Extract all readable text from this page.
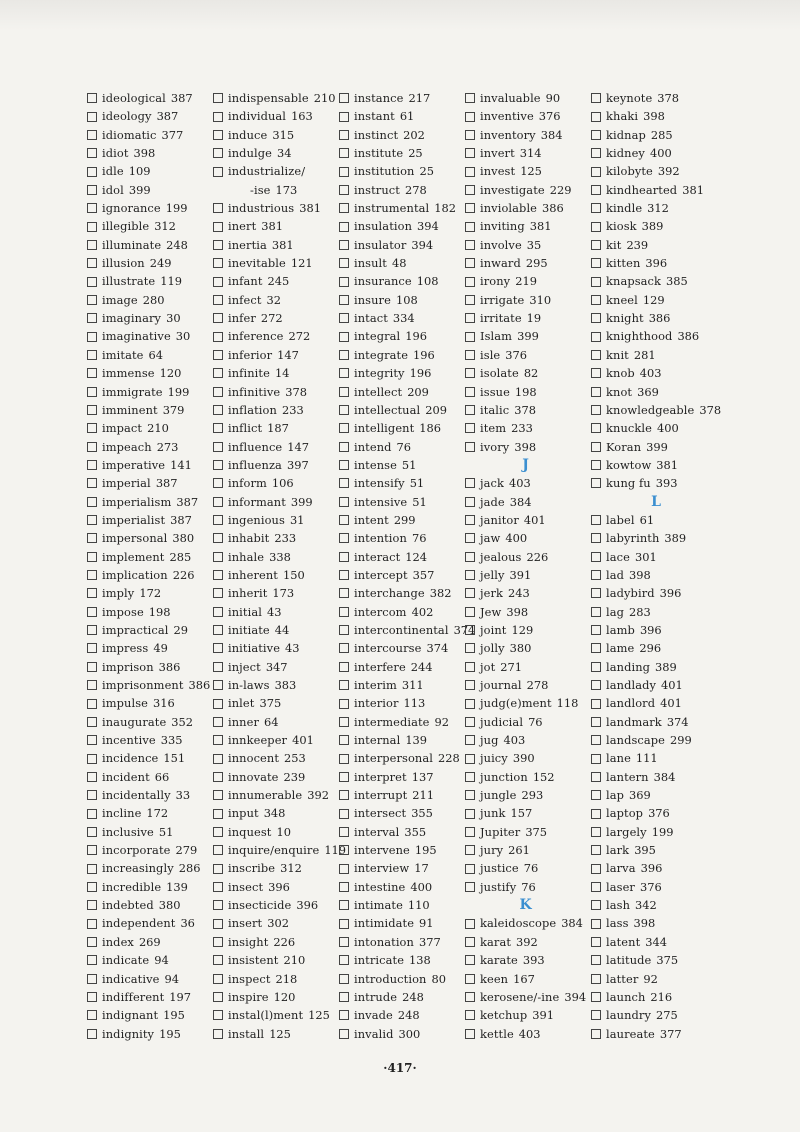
ideological 387
ideology 387
idiomatic 377
idiot 398
idle 109
idol 399
ignorance 199
illegible 312
illuminate 248
illusion 249
illustrate 119
image 280
imaginary 30
imaginative 30
imitate 64
immense 120
immigrate 199
imminent 379
impact 210
impeach 273
imperative 141
imperial 387
imperialism 387
imperialist 387
impersonal 380
implement 285
implication 226
imply 172
impose 198
impractical 29
impress 49
imprison 386
imprisonment 386
impulse 316
inaugurate 352
incentive 335
incidence 151
incident 66
incidentally 33
incline 172
inclusive 51
incorporate 279
increasingly 286
incredible 139
indebted 380
independent 36
index 269
indicate 94
indicative 94
indifferent 197
indignant 195
indignity 195
indispensable 210
individual 163
induce 315
indulge 34
industrialize/
-ise 173
industrious 381
inert 381
inertia 381
inevitable 121
infant 245
infect 32
infer 272
inference 272
inferior 147
infinite 14
infinitive 378
inflation 233
inflict 187
influence 147
influenza 397
inform 106
informant 399
ingenious 31
inhabit 233
inhale 338
inherent 150
inherit 173
initial 43
initiate 44
initiative 43
inject 347
in-laws 383
inlet 375
inner 64
innkeeper 401
innocent 253
innovate 239
innumerable 392
input 348
inquest 10
inquire/enquire 119
inscribe 312
insect 396
insecticide 396
insert 302
insight 226
insistent 210
inspect 218
inspire 120
instal(l)ment 125
install 125
instance 217
instant 61
instinct 202
institute 25
institution 25
instruct 278
instrumental 182
insulation 394
insulator 394
insult 48
insurance 108
insure 108
intact 334
integral 196
integrate 196
integrity 196
intellect 209
intellectual 209
intelligent 186
intend 76
intense 51
intensify 51
intensive 51
intent 299
intention 76
interact 124
intercept 357
interchange 382
intercom 402
intercontinental 374
intercourse 374
interfere 244
interim 311
interior 113
intermediate 92
internal 139
interpersonal 228
interpret 137
interrupt 211
intersect 355
interval 355
intervene 195
interview 17
intestine 400
intimate 110
intimidate 91
intonation 377
intricate 138
introduction 80
intrude 248
invade 248
invalid 300
invaluable 90
inventive 376
inventory 384
invert 314
invest 125
investigate 229
inviolable 386
inviting 381
involve 35
inward 295
irony 219
irrigate 310
irritate 19
Islam 399
isle 376
isolate 82
issue 198
italic 378
item 233
ivory 398
J
jack 403
jade 384
janitor 401
jaw 400
jealous 226
jelly 391
jerk 243
Jew 398
joint 129
jolly 380
jot 271
journal 278
judg(e)ment 118
judicial 76
jug 403
juicy 390
junction 152
jungle 293
junk 157
Jupiter 375
jury 261
justice 76
justify 76
K
kaleidoscope 384
karat 392
karate 393
keen 167
kerosene/-ine 394
ketchup 391
kettle 403
keynote 378
khaki 398
kidnap 285
kidney 400
kilobyte 392
kindhearted 381
kindle 312
kiosk 389
kit 239
kitten 396
knapsack 385
kneel 129
knight 386
knighthood 386
knit 281
knob 403
knot 369
knowledgeable 378
knuckle 400
Koran 399
kowtow 381
kung fu 393
L
label 61
labyrinth 389
lace 301
lad 398
ladybird 396
lag 283
lamb 396
lame 296
landing 389
landlady 401
landlord 401
landmark 374
landscape 299
lane 111
lantern 384
lap 369
laptop 376
largely 199
lark 395
larva 396
laser 376
lash 342
lass 398
latent 344
latitude 375
latter 92
launch 216
laundry 275
laureate 377
·417·
